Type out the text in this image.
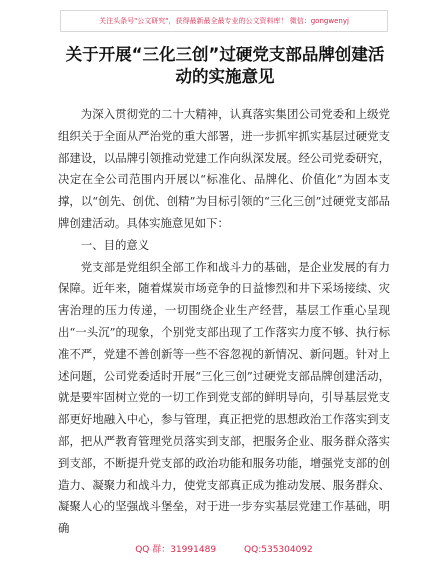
关注头条号"公文研究"，获得最新最全最专业的公文资料库！ 微信：gongwenyj
关于开展“三化三创”过硬党支部品牌创建活
动的实施意见

为深入贯彻党的二十大精神，认真落实集团公司党委和上级党组织关于全面从严治党的重大部署，进一步抓牢抓实基层过硬党支部建设，以品牌引领推动党建工作向纵深发展。经公司党委研究，决定在全公司范围内开展以“标准化、品牌化、价值化”为固本支撑，以“创先、创优、创精”为目标引领的“三化三创”过硬党支部品牌创建活动。具体实施意见如下：

一、目的意义

党支部是党组织全部工作和战斗力的基础，是企业发展的有力保障。近年来，随着煤炭市场竞争的日益惨烈和井下采场接续、灾害治理的压力传递，一切围绕企业生产经营，基层工作重心呈现出“一头沉”的现象，个别党支部出现了工作落实力度不够、执行标准不严，党建不善创新等一些不容忽视的新情况、新问题。针对上述问题，公司党委适时开展“三化三创”过硬党支部品牌创建活动，就是要牢固树立党的一切工作到党支部的鲜明导向，引导基层党支部更好地融入中心，参与管理，真正把党的思想政治工作落实到支部，把从严教育管理党员落实到支部，把服务企业、服务群众落实到支部，不断提升党支部的政治功能和服务功能，增强党支部的创造力、凝聚力和战斗力，使党支部真正成为推动发展、服务群众、凝聚人心的坚强战斗堡垒，对于进一步夯实基层党建工作基础，明确

QQ 群：31991489	QQ:535304092
